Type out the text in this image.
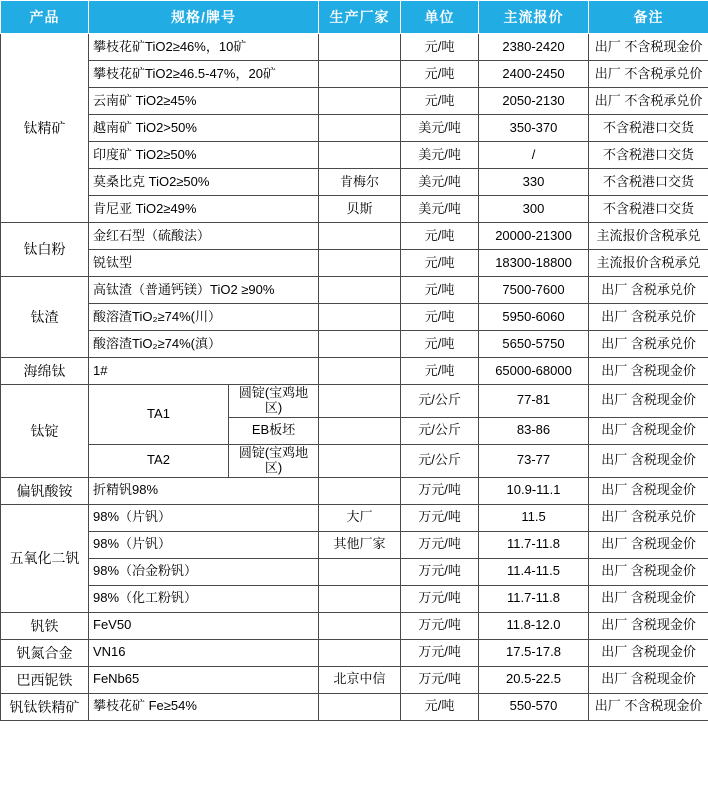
产品	规格/牌号		生产厂家	单位	主流报价	备注
钛精矿	攀枝花矿TiO2≥46%，10矿			元/吨	2380-2420	出厂 不含税现金价
	攀枝花矿TiO2≥46.5-47%，20矿			元/吨	2400-2450	出厂 不含税承兑价
	云南矿 TiO2≥45%			元/吨	2050-2130	出厂 不含税承兑价
	越南矿 TiO2>50%			美元/吨	350-370	不含税港口交货
	印度矿 TiO2≥50%			美元/吨	/	不含税港口交货
	莫桑比克 TiO2≥50%		肯梅尔	美元/吨	330	不含税港口交货
	肯尼亚 TiO2≥49%		贝斯	美元/吨	300	不含税港口交货
钛白粉	金红石型（硫酸法）			元/吨	20000-21300	主流报价含税承兑
	锐钛型			元/吨	18300-18800	主流报价含税承兑
钛渣	高钛渣（普通钙镁）TiO2 ≥90%			元/吨	7500-7600	出厂 含税承兑价
	酸溶渣TiO₂≥74%(川）			元/吨	5950-6060	出厂 含税承兑价
	酸溶渣TiO₂≥74%(滇）			元/吨	5650-5750	出厂 含税承兑价
海绵钛	1#			元/吨	65000-68000	出厂 含税现金价
钛锭	TA1	圆锭(宝鸡地区)		元/公斤	77-81	出厂 含税现金价
		EB板坯		元/公斤	83-86	出厂 含税现金价
	TA2	圆锭(宝鸡地区)		元/公斤	73-77	出厂 含税现金价
偏钒酸铵	折精钒98%			万元/吨	10.9-11.1	出厂 含税现金价
五氧化二钒	98%（片钒）		大厂	万元/吨	11.5	出厂 含税承兑价
	98%（片钒）		其他厂家	万元/吨	11.7-11.8	出厂 含税现金价
	98%（冶金粉钒）			万元/吨	11.4-11.5	出厂 含税现金价
	98%（化工粉钒）			万元/吨	11.7-11.8	出厂 含税现金价
钒铁	FeV50			万元/吨	11.8-12.0	出厂 含税现金价
钒氮合金	VN16			万元/吨	17.5-17.8	出厂 含税现金价
巴西铌铁	FeNb65		北京中信	万元/吨	20.5-22.5	出厂 含税现金价
钒钛铁精矿	攀枝花矿 Fe≥54%			元/吨	550-570	出厂 不含税现金价
